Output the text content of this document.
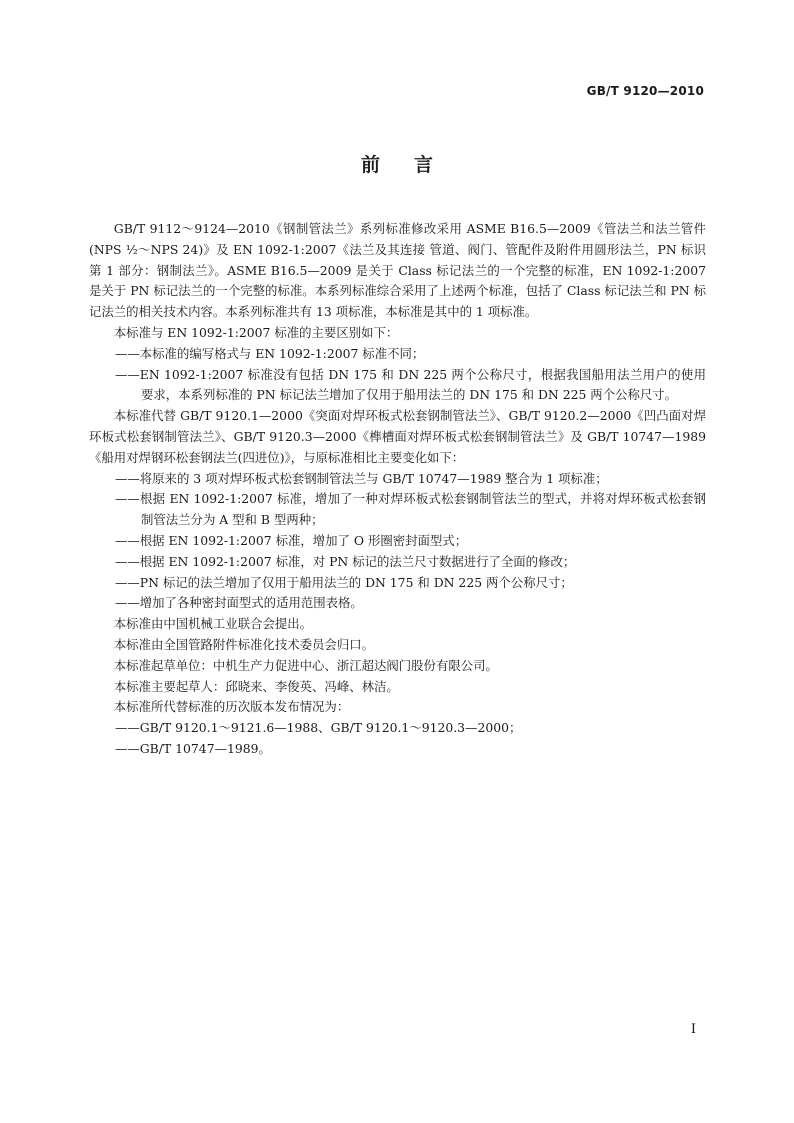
GB/T 9120—2010
前言

GB/T 9112～9124—2010《钢制管法兰》系列标准修改采用 ASME B16.5—2009《管法兰和法兰管件(NPS ½～NPS 24)》及 EN 1092-1:2007《法兰及其连接 管道、阀门、管配件及附件用圆形法兰，PN 标识 第 1 部分：钢制法兰》。ASME B16.5—2009 是关于 Class 标记法兰的一个完整的标准，EN 1092-1:2007 是关于 PN 标记法兰的一个完整的标准。本系列标准综合采用了上述两个标准，包括了 Class 标记法兰和 PN 标记法兰的相关技术内容。本系列标准共有 13 项标准，本标准是其中的 1 项标准。

本标准与 EN 1092-1:2007 标准的主要区别如下：

——本标准的编写格式与 EN 1092-1:2007 标准不同；

——EN 1092-1:2007 标准没有包括 DN 175 和 DN 225 两个公称尺寸，根据我国船用法兰用户的使用要求，本系列标准的 PN 标记法兰增加了仅用于船用法兰的 DN 175 和 DN 225 两个公称尺寸。

本标准代替 GB/T 9120.1—2000《突面对焊环板式松套钢制管法兰》、GB/T 9120.2—2000《凹凸面对焊环板式松套钢制管法兰》、GB/T 9120.3—2000《榫槽面对焊环板式松套钢制管法兰》及 GB/T 10747—1989《船用对焊钢环松套钢法兰(四进位)》，与原标准相比主要变化如下：

——将原来的 3 项对焊环板式松套钢制管法兰与 GB/T 10747—1989 整合为 1 项标准；

——根据 EN 1092-1:2007 标准，增加了一种对焊环板式松套钢制管法兰的型式，并将对焊环板式松套钢制管法兰分为 A 型和 B 型两种；

——根据 EN 1092-1:2007 标准，增加了 O 形圈密封面型式；

——根据 EN 1092-1:2007 标准，对 PN 标记的法兰尺寸数据进行了全面的修改；

——PN 标记的法兰增加了仅用于船用法兰的 DN 175 和 DN 225 两个公称尺寸；

——增加了各种密封面型式的适用范围表格。

本标准由中国机械工业联合会提出。

本标准由全国管路附件标准化技术委员会归口。

本标准起草单位：中机生产力促进中心、浙江超达阀门股份有限公司。

本标准主要起草人：邱晓来、李俊英、冯峰、林洁。

本标准所代替标准的历次版本发布情况为：

——GB/T 9120.1～9121.6—1988、GB/T 9120.1～9120.3—2000；

——GB/T 10747—1989。

I
